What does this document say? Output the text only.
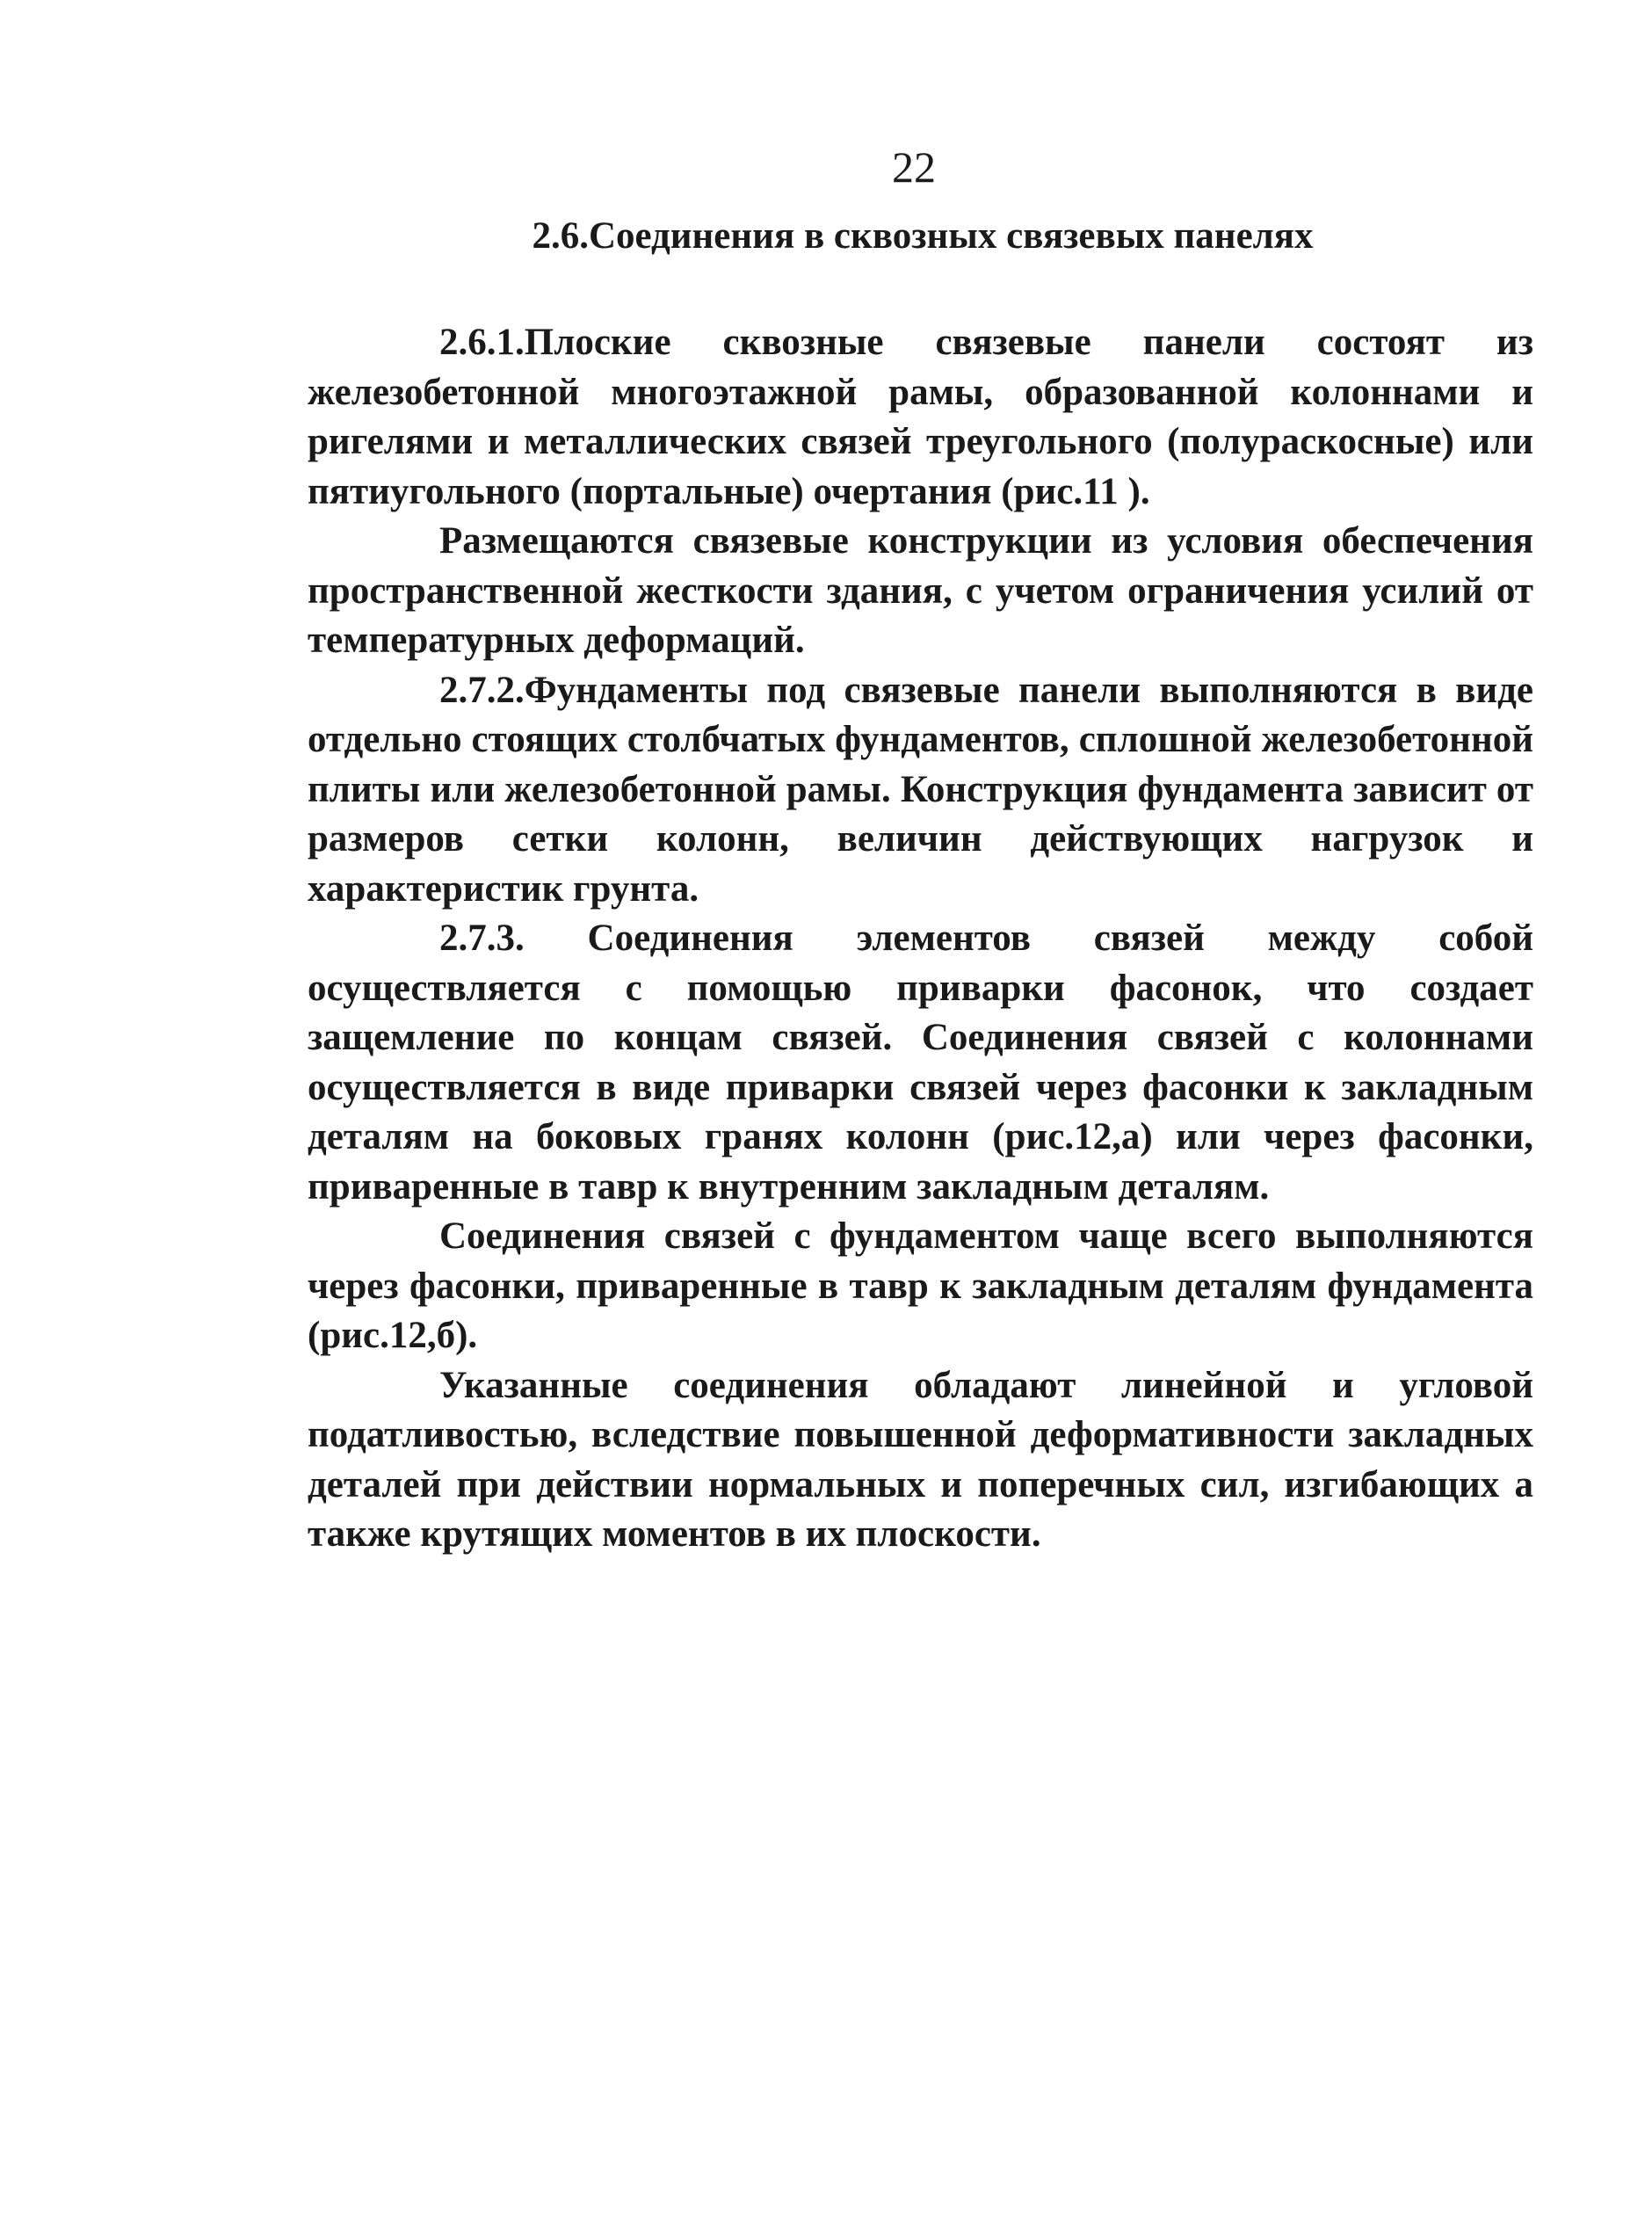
22
2.6.Соединения в сквозных связевых панелях

2.6.1.Плоские сквозные связевые панели состоят из железобетонной многоэтажной рамы, образованной колоннами и ригелями и металлических связей треугольного (полураскосные) или пятиугольного (портальные) очертания (рис.11 ).

Размещаются связевые конструкции из условия обеспечения пространственной жесткости здания, с учетом ограничения усилий от температурных деформаций.

2.7.2.Фундаменты под связевые панели выполняются в виде отдельно стоящих столбчатых фундаментов, сплошной железобетонной плиты или железобетонной рамы. Конструкция фундамента зависит от размеров сетки колонн, величин действующих нагрузок и характеристик грунта.

2.7.3. Соединения элементов связей между собой осуществляется с помощью приварки фасонок, что создает защемление по концам связей. Соединения связей с колоннами осуществляется в виде приварки связей через фасонки к закладным деталям на боковых гранях колонн (рис.12,а) или через фасонки, приваренные в тавр к внутренним закладным деталям.

Соединения связей с фундаментом чаще всего выполняются через фасонки, приваренные в тавр к закладным деталям фундамента (рис.12,б).

Указанные соединения обладают линейной и угловой податливостью, вследствие повышенной деформативности закладных деталей при действии нормальных и поперечных сил, изгибающих а также крутящих моментов в их плоскости.
